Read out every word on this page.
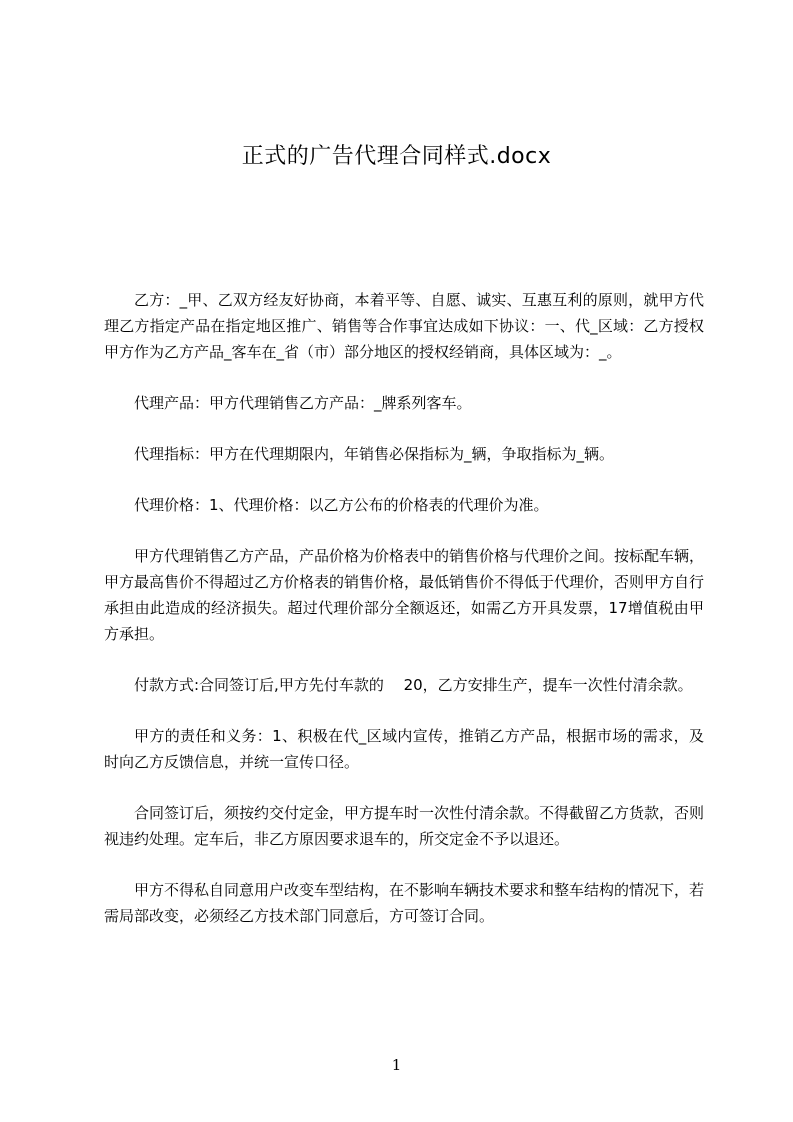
正式的广告代理合同样式.docx

乙方：_甲、乙双方经友好协商，本着平等、自愿、诚实、互惠互利的原则，就甲方代理乙方指定产品在指定地区推广、销售等合作事宜达成如下协议：一、代_区域：乙方授权甲方作为乙方产品_客车在_省（市）部分地区的授权经销商，具体区域为：_。

代理产品：甲方代理销售乙方产品：_牌系列客车。

代理指标：甲方在代理期限内，年销售必保指标为_辆，争取指标为_辆。

代理价格：1、代理价格：以乙方公布的价格表的代理价为准。

甲方代理销售乙方产品，产品价格为价格表中的销售价格与代理价之间。按标配车辆，甲方最高售价不得超过乙方价格表的销售价格，最低销售价不得低于代理价，否则甲方自行承担由此造成的经济损失。超过代理价部分全额返还，如需乙方开具发票，17增值税由甲方承担。

付款方式:合同签订后,甲方先付车款的　 20，乙方安排生产，提车一次性付清余款。

甲方的责任和义务：1、积极在代_区域内宣传，推销乙方产品，根据市场的需求，及时向乙方反馈信息，并统一宣传口径。

合同签订后，须按约交付定金，甲方提车时一次性付清余款。不得截留乙方货款，否则视违约处理。定车后，非乙方原因要求退车的，所交定金不予以退还。

甲方不得私自同意用户改变车型结构，在不影响车辆技术要求和整车结构的情况下，若需局部改变，必须经乙方技术部门同意后，方可签订合同。

1
